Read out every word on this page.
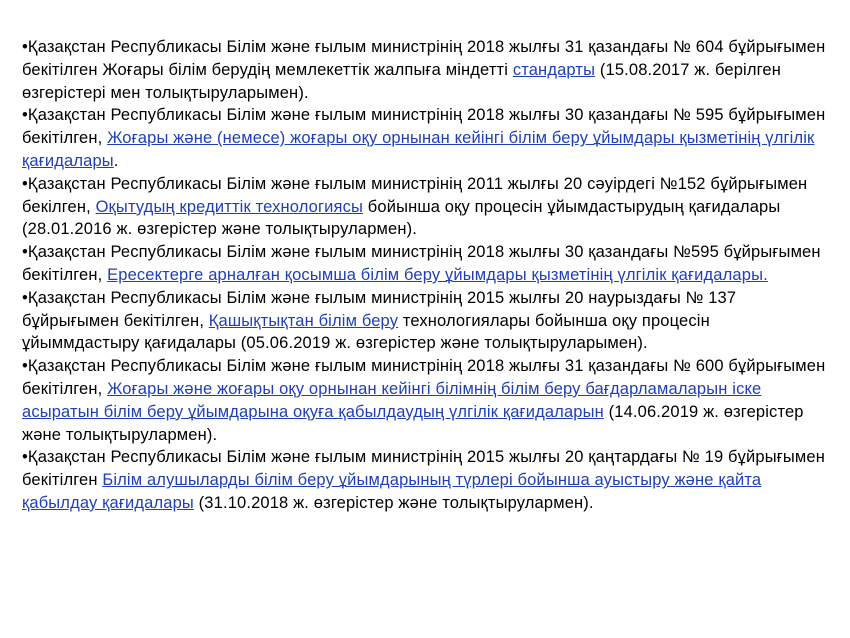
•Қазақстан Республикасы Білім және ғылым министрінің 2018 жылғы 31 қазандағы № 604 бұйрығымен бекітілген Жоғары білім берудің мемлекеттік жалпыға міндетті стандарты (15.08.2017 ж. берілген өзгерістері мен толықтыруларымен).

•Қазақстан Республикасы Білім және ғылым министрінің 2018 жылғы 30 қазандағы № 595 бұйрығымен бекітілген, Жоғары және (немесе) жоғары оқу орнынан кейінгі білім беру ұйымдары қызметінің үлгілік қағидалары.

•Қазақстан Республикасы Білім және ғылым министрінің 2011 жылғы 20 сәуірдегі №152 бұйрығымен бекілген, Оқытудың кредиттік технологиясы бойынша оқу процесін ұйымдастырудың қағидалары (28.01.2016 ж. өзгерістер және толықтырулармен).

•Қазақстан Республикасы Білім және ғылым министрінің 2018 жылғы 30 қазандағы №595 бұйрығымен бекітілген, Ересектерге арналған қосымша білім беру ұйымдары қызметінің үлгілік қағидалары.

•Қазақстан Республикасы Білім және ғылым министрінің 2015 жылғы 20 наурыздағы № 137 бұйрығымен бекітілген, Қашықтықтан білім беру технологиялары бойынша оқу процесін ұйыммдастыру қағидалары (05.06.2019 ж. өзгерістер және толықтыруларымен).

•Қазақстан Республикасы Білім және ғылым министрінің 2018 жылғы 31 қазандағы № 600 бұйрығымен бекітілген, Жоғары және жоғары оқу орнынан кейінгі білімнің білім беру бағдарламаларын іске асыратын білім беру ұйымдарына оқуға қабылдаудың үлгілік қағидаларын (14.06.2019 ж. өзгерістер және толықтырулармен).

•Қазақстан Республикасы Білім және ғылым министрінің 2015 жылғы 20 қаңтардағы № 19 бұйрығымен бекітілген Білім алушыларды білім беру ұйымдарының түрлері бойынша ауыстыру және қайта қабылдау қағидалары (31.10.2018 ж. өзгерістер және толықтырулармен).
